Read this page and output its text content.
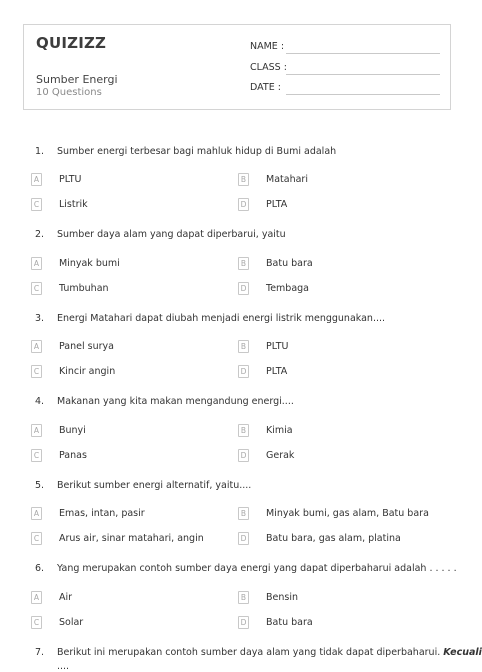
QUIZIZZ
Sumber Energi
10 Questions
NAME :
CLASS :
DATE :
1. Sumber energi terbesar bagi mahluk hidup di Bumi adalah
A	PLTU	B	Matahari
C	Listrik	D PLTA
2. Sumber daya alam yang dapat diperbarui, yaitu
A	Minyak bumi	B	Batu bara
C	Tumbuhan	D Tembaga
3. Energi Matahari dapat diubah menjadi energi listrik menggunakan....
A	Panel surya	B	PLTU
C	Kincir angin	D PLTA
4. Makanan yang kita makan mengandung energi....
A	Bunyi	B	Kimia
C	Panas	D Gerak
5. Berikut sumber energi alternatif, yaitu....
A	Emas, intan, pasir	B	Minyak bumi, gas alam, Batu bara
C	Arus air, sinar matahari, angin	D Batu bara, gas alam, platina
6. Yang merupakan contoh sumber daya energi yang dapat diperbaharui adalah . . . . .
A	Air	B	Bensin
C	Solar	D Batu bara
7. Berikut ini merupakan contoh sumber daya alam yang tidak dapat diperbaharui. Kecuali
....
